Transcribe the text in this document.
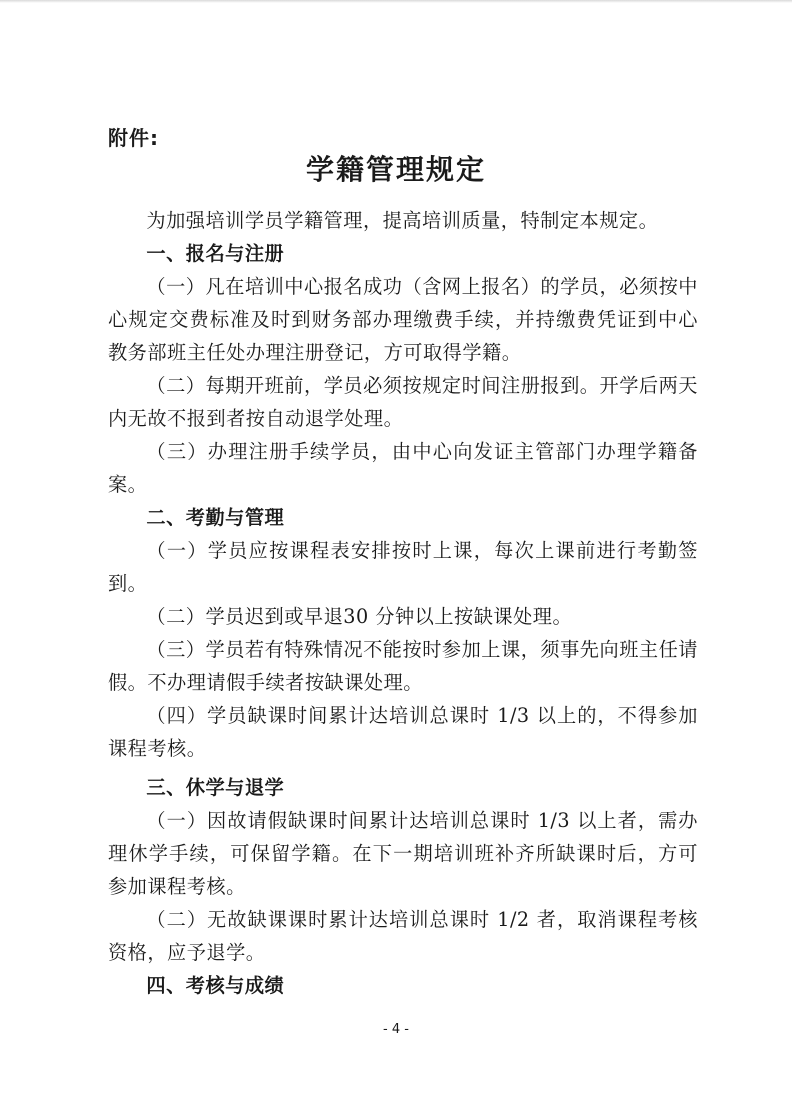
附件:
学籍管理规定

为加强培训学员学籍管理，提高培训质量，特制定本规定。

一、报名与注册

（一）凡在培训中心报名成功（含网上报名）的学员，必须按中心规定交费标准及时到财务部办理缴费手续，并持缴费凭证到中心教务部班主任处办理注册登记，方可取得学籍。

（二）每期开班前，学员必须按规定时间注册报到。开学后两天内无故不报到者按自动退学处理。

（三）办理注册手续学员，由中心向发证主管部门办理学籍备案。

二、考勤与管理

（一）学员应按课程表安排按时上课，每次上课前进行考勤签到。

（二）学员迟到或早退30 分钟以上按缺课处理。

（三）学员若有特殊情况不能按时参加上课，须事先向班主任请假。不办理请假手续者按缺课处理。

（四）学员缺课时间累计达培训总课时 1/3 以上的，不得参加课程考核。

三、休学与退学

（一）因故请假缺课时间累计达培训总课时 1/3 以上者，需办理休学手续，可保留学籍。在下一期培训班补齐所缺课时后，方可参加课程考核。

（二）无故缺课课时累计达培训总课时 1/2 者，取消课程考核资格，应予退学。

四、考核与成绩

- 4 -
